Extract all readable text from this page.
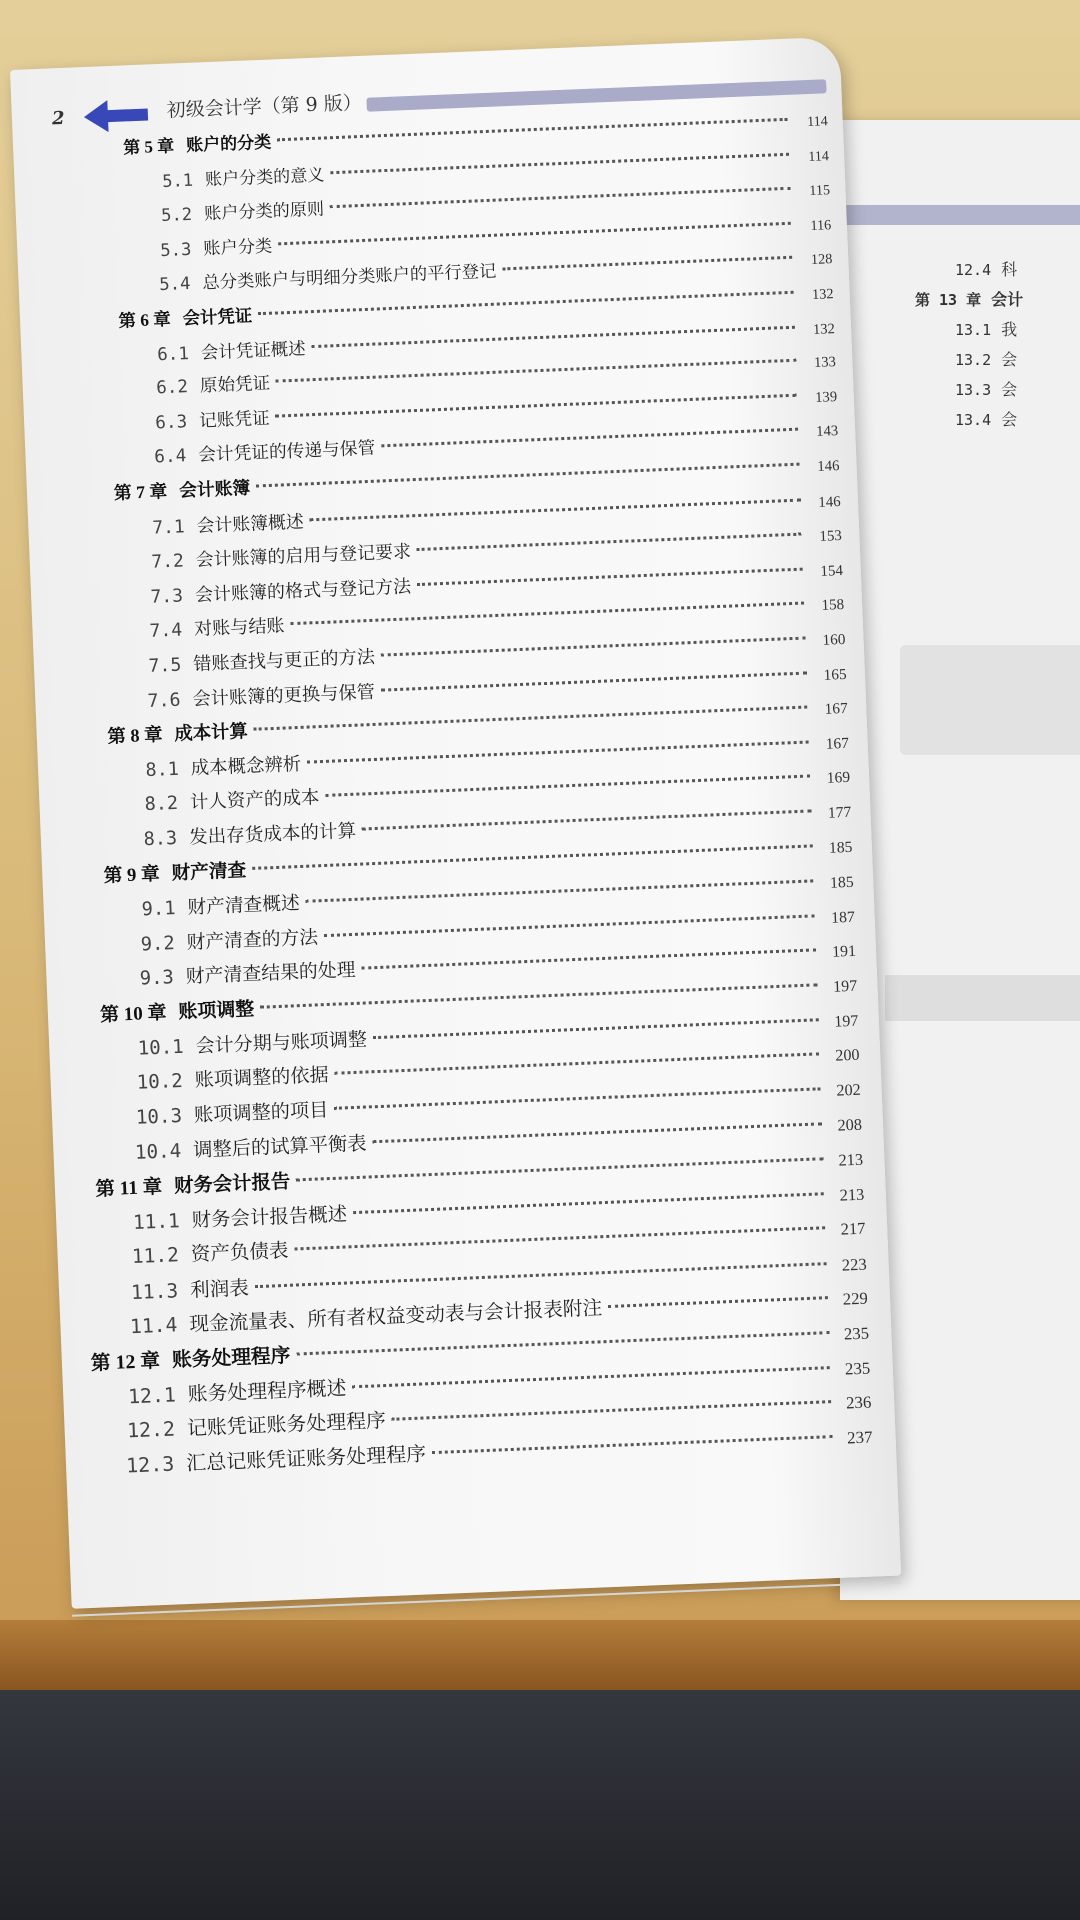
12.4 科
第 13 章 会计
13.1 我
13.2 会
13.3 会
13.4 会
2	初级会计学（第 9 版）
第 5 章 账户的分类
114
5.1 账户分类的意义
114
5.2 账户分类的原则
115
5.3 账户分类
116
5.4 总分类账户与明细分类账户的平行登记
128
第 6 章 会计凭证
132
6.1 会计凭证概述
132
6.2 原始凭证
133
6.3 记账凭证
139
6.4 会计凭证的传递与保管
143
第 7 章 会计账簿
146
7.1 会计账簿概述
146
7.2 会计账簿的启用与登记要求
153
7.3 会计账簿的格式与登记方法
154
7.4 对账与结账
158
7.5 错账查找与更正的方法
160
7.6 会计账簿的更换与保管
165
第 8 章 成本计算
167
8.1 成本概念辨析
167
8.2 计人资产的成本
169
8.3 发出存货成本的计算
177
第 9 章 财产清查
185
9.1 财产清查概述
185
9.2 财产清查的方法
187
9.3 财产清查结果的处理
191
第 10 章 账项调整
197
10.1 会计分期与账项调整
197
10.2 账项调整的依据
200
10.3 账项调整的项目
202
10.4 调整后的试算平衡表
208
第 11 章 财务会计报告
213
11.1 财务会计报告概述
213
11.2 资产负债表
217
11.3 利润表
223
11.4 现金流量表、所有者权益变动表与会计报表附注	229
第 12 章 账务处理程序
235
12.1 账务处理程序概述
235
12.2 记账凭证账务处理程序
236
12.3 汇总记账凭证账务处理程序
237
